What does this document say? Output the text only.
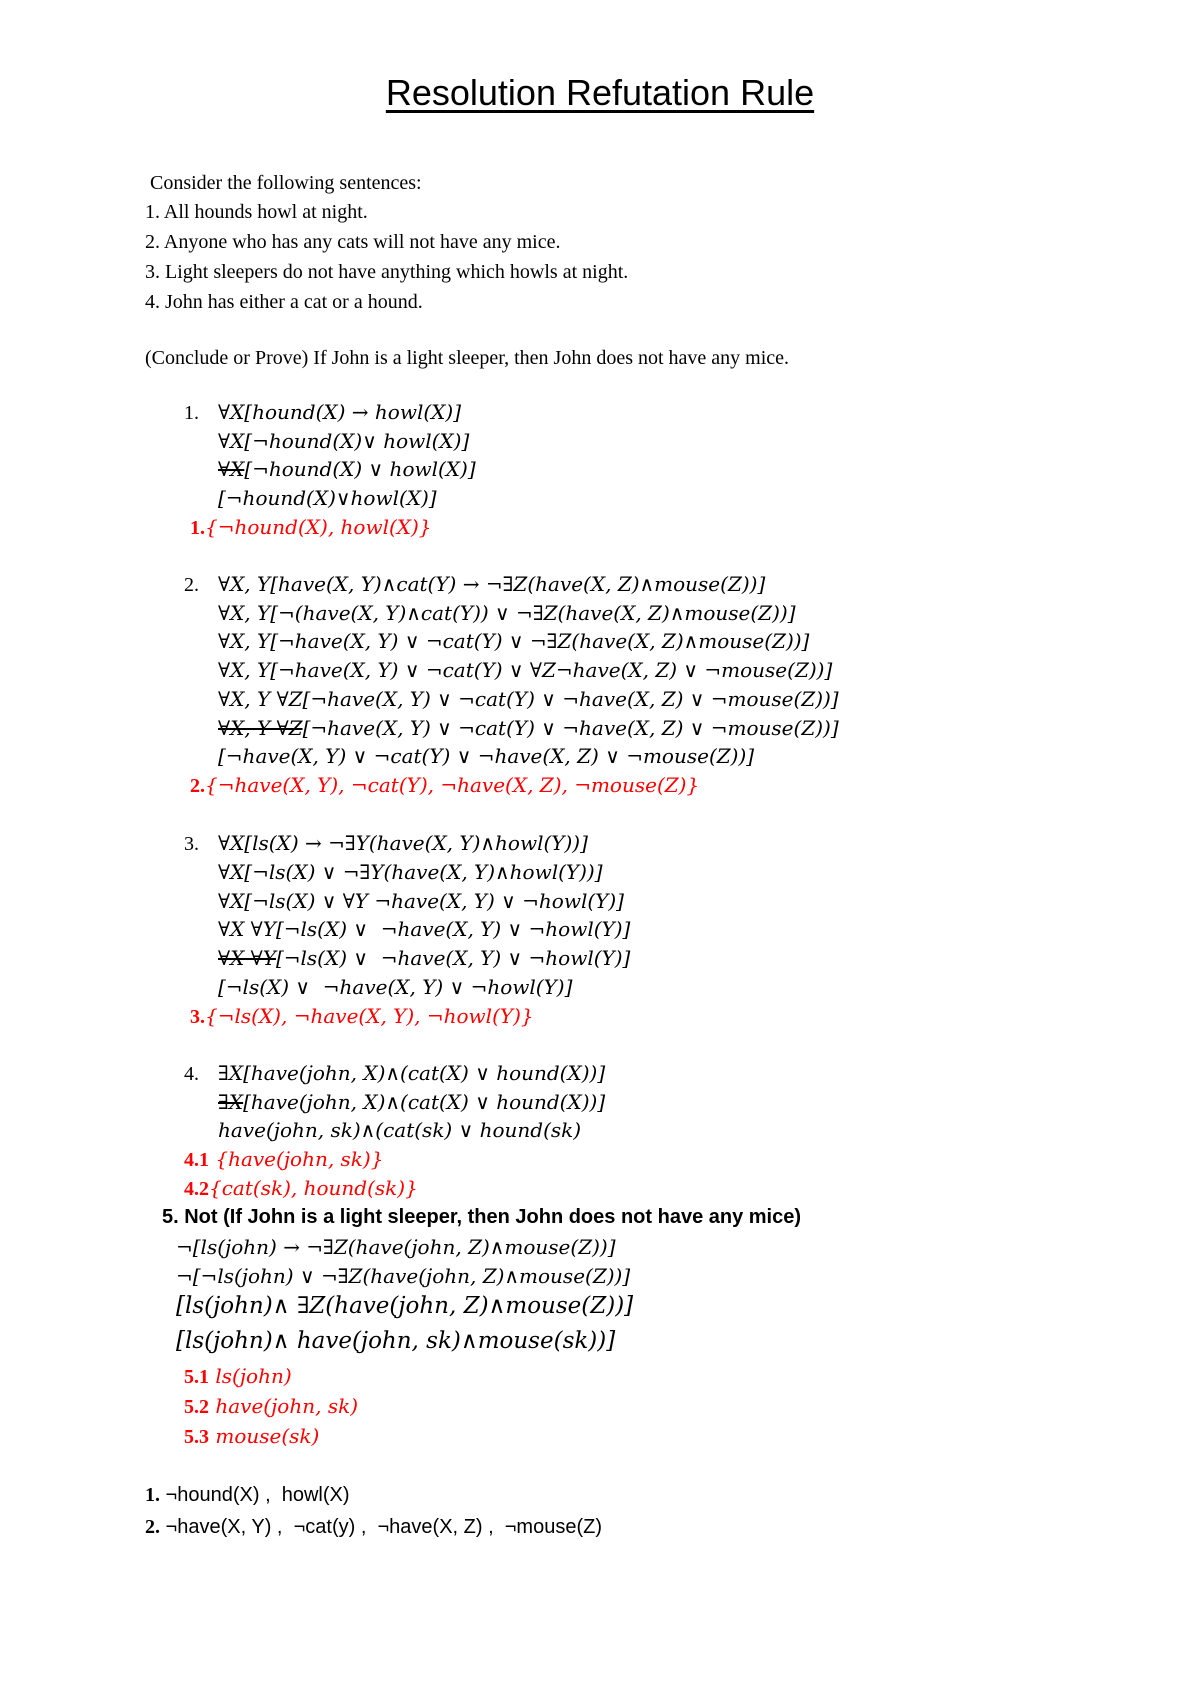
Resolution Refutation Rule
Consider the following sentences:
1. All hounds howl at night.
2. Anyone who has any cats will not have any mice.
3. Light sleepers do not have anything which howls at night.
4. John has either a cat or a hound.
(Conclude or Prove) If John is a light sleeper, then John does not have any mice.
1. ∀X[hound(X) → howl(X)]
∀X[¬hound(X)∨ howl(X)]
∀X[¬hound(X) ∨ howl(X)]
[¬hound(X)∨howl(X)]
1.{¬hound(X), howl(X)}
2. ∀X, Y[have(X, Y)∧cat(Y) → ¬∃Z(have(X, Z)∧mouse(Z))]
∀X, Y[¬(have(X, Y)∧cat(Y)) ∨ ¬∃Z(have(X, Z)∧mouse(Z))]
∀X, Y[¬have(X, Y) ∨ ¬cat(Y) ∨ ¬∃Z(have(X, Z)∧mouse(Z))]
∀X, Y[¬have(X, Y) ∨ ¬cat(Y) ∨ ∀Z¬have(X, Z) ∨ ¬mouse(Z))]
∀X, Y ∀Z[¬have(X, Y) ∨ ¬cat(Y) ∨ ¬have(X, Z) ∨ ¬mouse(Z))]
∀X, Y ∀Z[¬have(X, Y) ∨ ¬cat(Y) ∨ ¬have(X, Z) ∨ ¬mouse(Z))]
[¬have(X, Y) ∨ ¬cat(Y) ∨ ¬have(X, Z) ∨ ¬mouse(Z))]
2.{¬have(X, Y), ¬cat(Y), ¬have(X, Z), ¬mouse(Z)}
3. ∀X[ls(X) → ¬∃Y(have(X, Y)∧howl(Y))]
∀X[¬ls(X) ∨ ¬∃Y(have(X, Y)∧howl(Y))]
∀X[¬ls(X) ∨ ∀Y ¬have(X, Y) ∨ ¬howl(Y)]
∀X ∀Y[¬ls(X) ∨  ¬have(X, Y) ∨ ¬howl(Y)]
∀X ∀Y[¬ls(X) ∨  ¬have(X, Y) ∨ ¬howl(Y)]
[¬ls(X) ∨  ¬have(X, Y) ∨ ¬howl(Y)]
3.{¬ls(X), ¬have(X, Y), ¬howl(Y)}
4. ∃X[have(john, X)∧(cat(X) ∨ hound(X))]
∃X[have(john, X)∧(cat(X) ∨ hound(X))]
have(john, sk)∧(cat(sk) ∨ hound(sk)
4.1 {have(john, sk)}
4.2{cat(sk), hound(sk)}
5. Not (If John is a light sleeper, then John does not have any mice)
¬[ls(john) → ¬∃Z(have(john, Z)∧mouse(Z))]
¬[¬ls(john) ∨ ¬∃Z(have(john, Z)∧mouse(Z))]
[ls(john)∧ ∃Z(have(john, Z)∧mouse(Z))]
[ls(john)∧ have(john, sk)∧mouse(sk))]
5.1 ls(john)
5.2 have(john, sk)
5.3 mouse(sk)
1. ¬hound(X) ,  howl(X)
2. ¬have(X, Y) ,  ¬cat(y) ,  ¬have(X, Z) ,  ¬mouse(Z)
